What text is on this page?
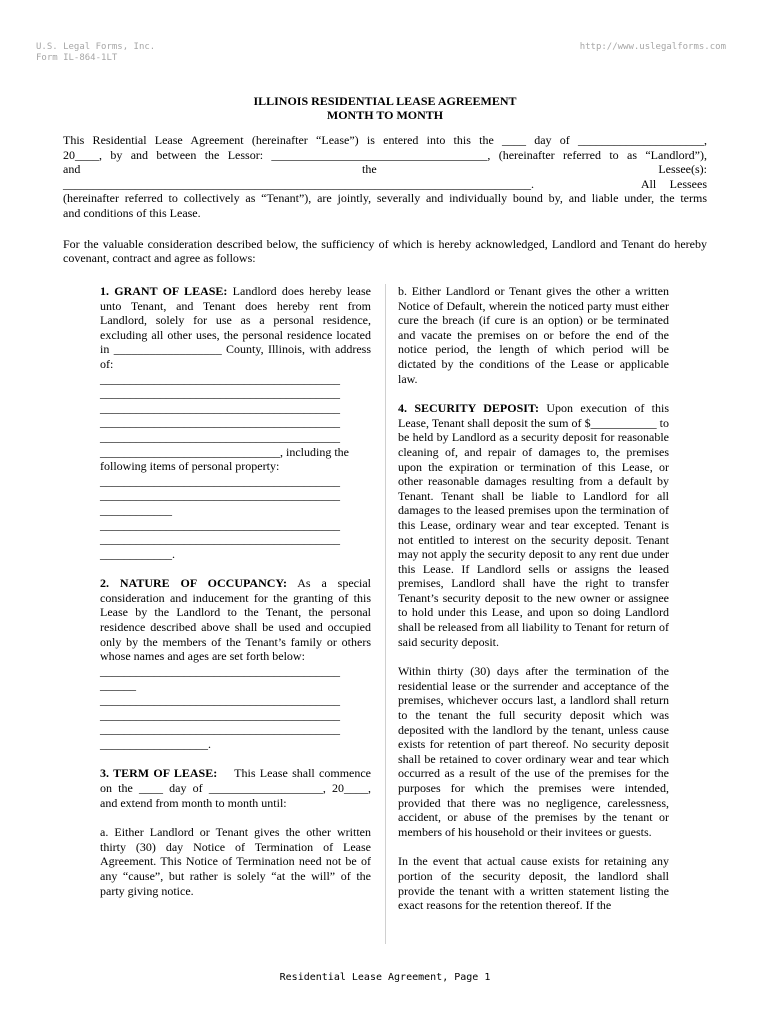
U.S. Legal Forms, Inc.
Form IL-864-1LT
http://www.uslegalforms.com
ILLINOIS RESIDENTIAL LEASE AGREEMENT
MONTH TO MONTH
This Residential Lease Agreement (hereinafter “Lease”) is entered into this the ____ day of _____________________,
20____, by and between the Lessor: ____________________________________, (hereinafter referred to as “Landlord”),
and                                                                    the                                                                    Lessee(s):
______________________________________________________________________________.        All Lessees
(hereinafter referred to collectively as “Tenant”), are jointly, severally and individually bound by, and liable under, the terms
and conditions of this Lease.
For the valuable consideration described below, the sufficiency of which is hereby acknowledged, Landlord and Tenant do hereby covenant, contract and agree as follows:

1. GRANT OF LEASE: Landlord does hereby lease unto Tenant, and Tenant does hereby rent from Landlord, solely for use as a personal residence, excluding all other uses, the personal residence located in __________________ County, Illinois, with address of:
________________________________________
________________________________________
________________________________________
________________________________________
________________________________________
______________________________, including the
following items of personal property:
________________________________________
________________________________________
____________
________________________________________
________________________________________
____________.

2. NATURE OF OCCUPANCY: As a special consideration and inducement for the granting of this Lease by the Landlord to the Tenant, the personal residence described above shall be used and occupied only by the members of the Tenant’s family or others whose names and ages are set forth below:
________________________________________
______
________________________________________
________________________________________
________________________________________
__________________.

3. TERM OF LEASE:    This Lease shall commence on the ____ day of ___________________, 20____, and extend from month to month until:

a. Either Landlord or Tenant gives the other written thirty (30) day Notice of Termination of Lease Agreement. This Notice of Termination need not be of any “cause”, but rather is solely “at the will” of the party giving notice.

b. Either Landlord or Tenant gives the other a written Notice of Default, wherein the noticed party must either cure the breach (if cure is an option) or be terminated and vacate the premises on or before the end of the notice period, the length of which period will be dictated by the conditions of the Lease or applicable law.

4. SECURITY DEPOSIT: Upon execution of this Lease, Tenant shall deposit the sum of $___________ to be held by Landlord as a security deposit for reasonable cleaning of, and repair of damages to, the premises upon the expiration or termination of this Lease, or other reasonable damages resulting from a default by Tenant. Tenant shall be liable to Landlord for all damages to the leased premises upon the termination of this Lease, ordinary wear and tear excepted. Tenant is not entitled to interest on the security deposit. Tenant may not apply the security deposit to any rent due under this Lease. If Landlord sells or assigns the leased premises, Landlord shall have the right to transfer Tenant’s security deposit to the new owner or assignee to hold under this Lease, and upon so doing Landlord shall be released from all liability to Tenant for return of said security deposit.

Within thirty (30) days after the termination of the residential lease or the surrender and acceptance of the premises, whichever occurs last, a landlord shall return to the tenant the full security deposit which was deposited with the landlord by the tenant, unless cause exists for retention of part thereof. No security deposit shall be retained to cover ordinary wear and tear which occurred as a result of the use of the premises for the purposes for which the premises were intended, provided that there was no negligence, carelessness, accident, or abuse of the premises by the tenant or members of his household or their invitees or guests.

In the event that actual cause exists for retaining any portion of the security deposit, the landlord shall provide the tenant with a written statement listing the exact reasons for the retention thereof. If the

Residential Lease Agreement, Page 1
